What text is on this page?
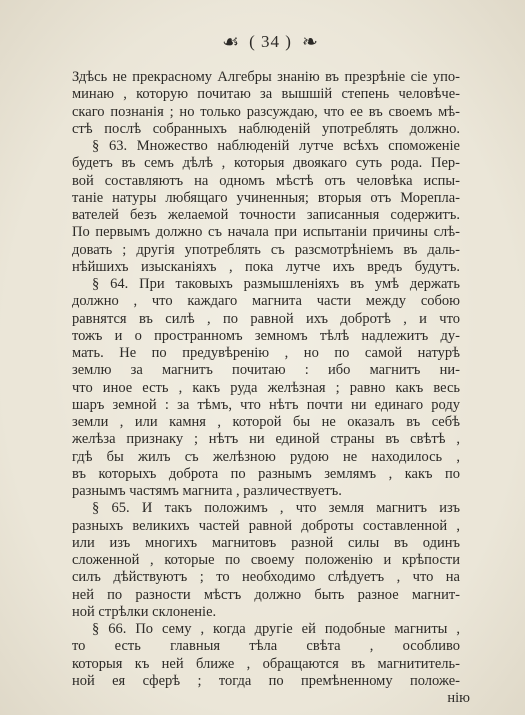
☙
( 34 )
❧
Здѣсь не прекрасному Алгебры знанію въ презрѣніе сіе упо-
минаю , которую почитаю за вышшій степень человѣче-
скаго познанія ; но только разсуждаю, что ее въ своемъ мѣ-
стѣ послѣ собранныхъ наблюденій употреблять должно.
§ 63. Множество наблюденій лутче всѣхъ споможеніе
будетъ въ семъ дѣлѣ , которыя двоякаго суть рода. Пер-
вой составляютъ на одномъ мѣстѣ отъ человѣка испы-
таніе натуры любящаго учиненныя; вторыя отъ Морепла-
вателей безъ желаемой точности записанныя содержитъ.
По первымъ должно съ начала при испытаніи причины слѣ-
довать ; другія употреблять съ разсмотрѣніемъ въ даль-
нѣйшихъ изысканіяхъ , пока лутче ихъ вредъ будутъ.
§ 64. При таковыхъ размышленіяхъ въ умѣ держать
должно , что каждаго магнита части между собою
равнятся въ силѣ , по равной ихъ добротѣ , и что
тожъ и о пространномъ земномъ тѣлѣ надлежитъ ду-
мать. Не по предувѣренію , но по самой натурѣ
землю за магнитъ почитаю : ибо магнитъ ни-
что иное есть , какъ руда желѣзная ; равно какъ весь
шаръ земной : за тѣмъ, что нѣтъ почти ни единаго роду
земли , или камня , которой бы не оказалъ въ себѣ
желѣза признаку ; нѣтъ ни единой страны въ свѣтѣ ,
гдѣ бы жилъ съ желѣзною рудою не находилось ,
въ которыхъ доброта по разнымъ землямъ , какъ по
разнымъ частямъ магнита , различествуетъ.
§ 65. И такъ положимъ , что земля магнитъ изъ
разныхъ великихъ частей равной доброты составленной ,
или изъ многихъ магнитовъ разной силы въ одинъ
сложенной , которые по своему положенію и крѣпости
силъ дѣйствуютъ ; то необходимо слѣдуетъ , что на
ней по разности мѣстъ должно быть разное магнит-
ной стрѣлки склоненіе.
§ 66. По сему , когда другіе ей подобные магниты ,
то есть главныя тѣла свѣта , особливо
которыя къ ней ближе , обращаются въ магнититель-
ной ея сферѣ ; тогда по премѣненному положе-
нію
